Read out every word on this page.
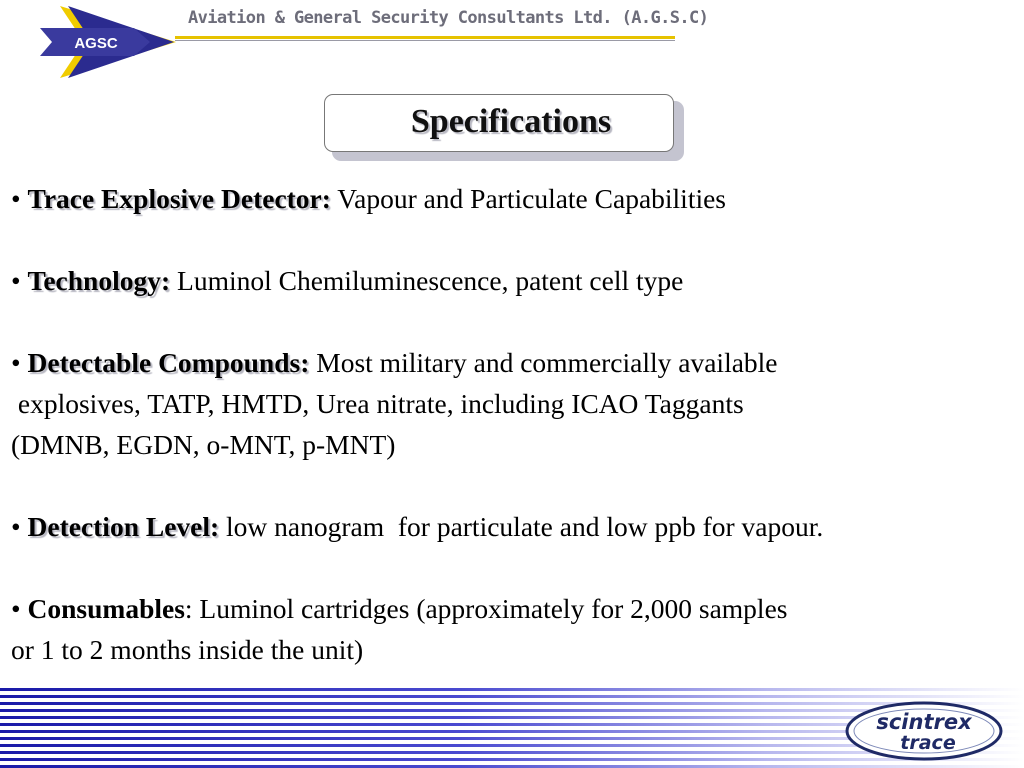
AGSC
Aviation & General Security Consultants Ltd. (A.G.S.C)
Specifications
• Trace Explosive Detector: Vapour and Particulate Capabilities
• Technology: Luminol Chemiluminescence, patent cell type
• Detectable Compounds: Most military and commercially available
explosives, TATP, HMTD, Urea nitrate, including ICAO Taggants
(DMNB, EGDN, o-MNT, p-MNT)
• Detection Level: low nanogram  for particulate and low ppb for vapour.
• Consumables: Luminol cartridges (approximately for 2,000 samples
or 1 to 2 months inside the unit)
scintrex
trace
